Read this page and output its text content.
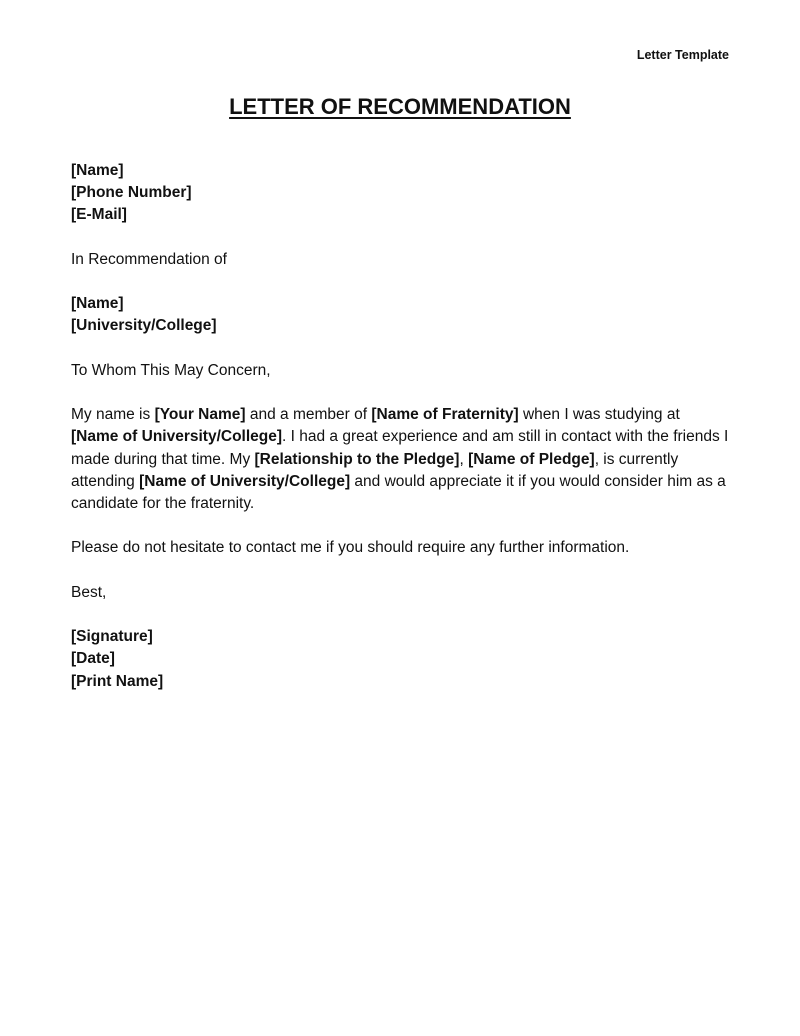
Letter Template
LETTER OF RECOMMENDATION
[Name]
[Phone Number]
[E-Mail]
In Recommendation of
[Name]
[University/College]
To Whom This May Concern,
My name is [Your Name] and a member of [Name of Fraternity] when I was studying at [Name of University/College]. I had a great experience and am still in contact with the friends I made during that time. My [Relationship to the Pledge], [Name of Pledge], is currently attending [Name of University/College] and would appreciate it if you would consider him as a candidate for the fraternity.
Please do not hesitate to contact me if you should require any further information.
Best,
[Signature]
[Date]
[Print Name]
